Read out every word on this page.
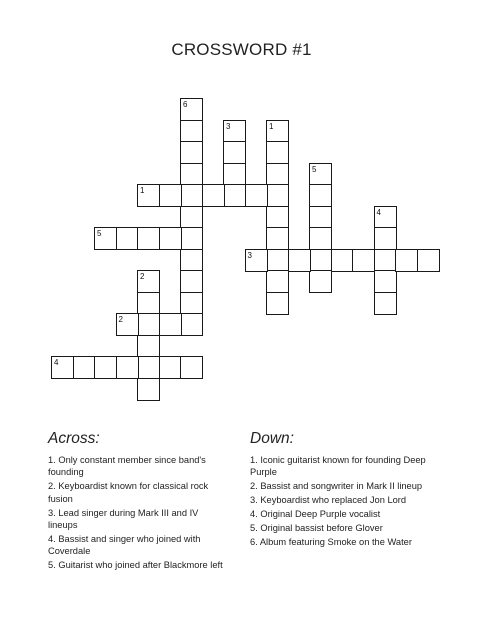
CROSSWORD #1
6
3	1
5
1
4
5
3
2
2
4
Across:
1. Only constant member since band's founding
2. Keyboardist known for classical rock fusion
3. Lead singer during Mark III and IV lineups
4. Bassist and singer who joined with Coverdale
5. Guitarist who joined after Blackmore left
Down:
1. Iconic guitarist known for founding Deep Purple
2. Bassist and songwriter in Mark II lineup
3. Keyboardist who replaced Jon Lord
4. Original Deep Purple vocalist
5. Original bassist before Glover
6. Album featuring Smoke on the Water
